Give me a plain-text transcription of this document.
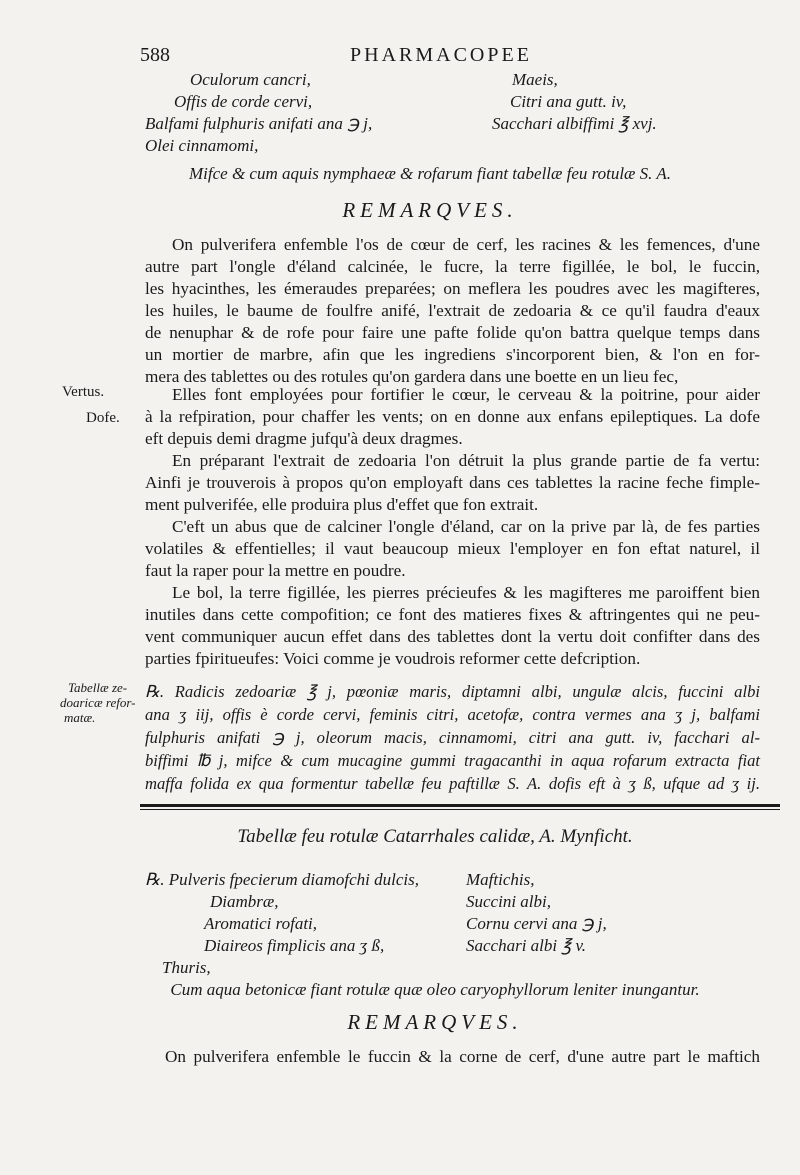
588	PHARMACOPEE
Oculorum cancri,
Offis de corde cervi,
Balfami fulphuris anifati ana ℈ j,
Olei cinnamomi,
Maeis,
Citri ana gutt. iv,
Sacchari albiffimi ℥ xvj.
Mifce & cum aquis nymphaeæ & rofarum fiant tabellæ feu rotulæ S. A.
REMARQVES.
On pulverifera enfemble l'os de cœur de cerf, les racines & les femences, d'une
autre part l'ongle d'éland calcinée, le fucre, la terre figillée, le bol, le fuccin,
les hyacinthes, les émeraudes preparées; on meflera les poudres avec les magifteres,
les huiles, le baume de foulfre anifé, l'extrait de zedoaria & ce qu'il faudra d'eaux
de nenuphar & de rofe pour faire une pafte folide qu'on battra quelque temps dans
un mortier de marbre, afin que les ingrediens s'incorporent bien, & l'on en for-
mera des tablettes ou des rotules qu'on gardera dans une boette en un lieu fec,
Vertus.	Elles font employées pour fortifier le cœur, le cerveau & la poitrine, pour aider
Dofe. à la refpiration, pour chaffer les vents; on en donne aux enfans epileptiques. La dofe
eft depuis demi dragme jufqu'à deux dragmes.
En préparant l'extrait de zedoaria l'on détruit la plus grande partie de fa vertu:
Ainfi je trouverois à propos qu'on employaft dans ces tablettes la racine feche fimple-
ment pulverifée, elle produira plus d'effet que fon extrait.
C'eft un abus que de calciner l'ongle d'éland, car on la prive par là, de fes parties
volatiles & effentielles; il vaut beaucoup mieux l'employer en fon eftat naturel, il
faut la raper pour la mettre en poudre.
Le bol, la terre figillée, les pierres précieufes & les magifteres me paroiffent bien
inutiles dans cette compofition; ce font des matieres fixes & aftringentes qui ne peu-
vent communiquer aucun effet dans des tablettes dont la vertu doit confifter dans des
parties fpiritueufes: Voici comme je voudrois reformer cette defcription.
Tabellæ ze-
doaricæ refor-
matæ.
℞. Radicis zedoariæ ℥ j, pœoniæ maris, diptamni albi, ungulæ alcis, fuccini albi
ana ʒ iij, offis è corde cervi, feminis citri, acetofæ, contra vermes ana ʒ j, balfami
fulphuris anifati ℈ j, oleorum macis, cinnamomi, citri ana gutt. iv, facchari al-
biffimi ℔ j, mifce & cum mucagine gummi tragacanthi in aqua rofarum extracta fiat
maffa folida ex qua formentur tabellæ feu paftillæ S. A. dofis eft à ʒ ß, ufque ad ʒ ij.
Tabellæ feu rotulæ Catarrhales calidæ, A. Mynficht.
℞. Pulveris fpecierum diamofchi dulcis,
Diambræ,
Aromatici rofati,
Diaireos fimplicis ana ʒ ß,
Thuris,
Maftichis,
Succini albi,
Cornu cervi ana ℈ j,
Sacchari albi ℥ v.
Cum aqua betonicæ fiant rotulæ quæ oleo caryophyllorum leniter inungantur.
REMARQVES.
On pulverifera enfemble le fuccin & la corne de cerf, d'une autre part le maftich
